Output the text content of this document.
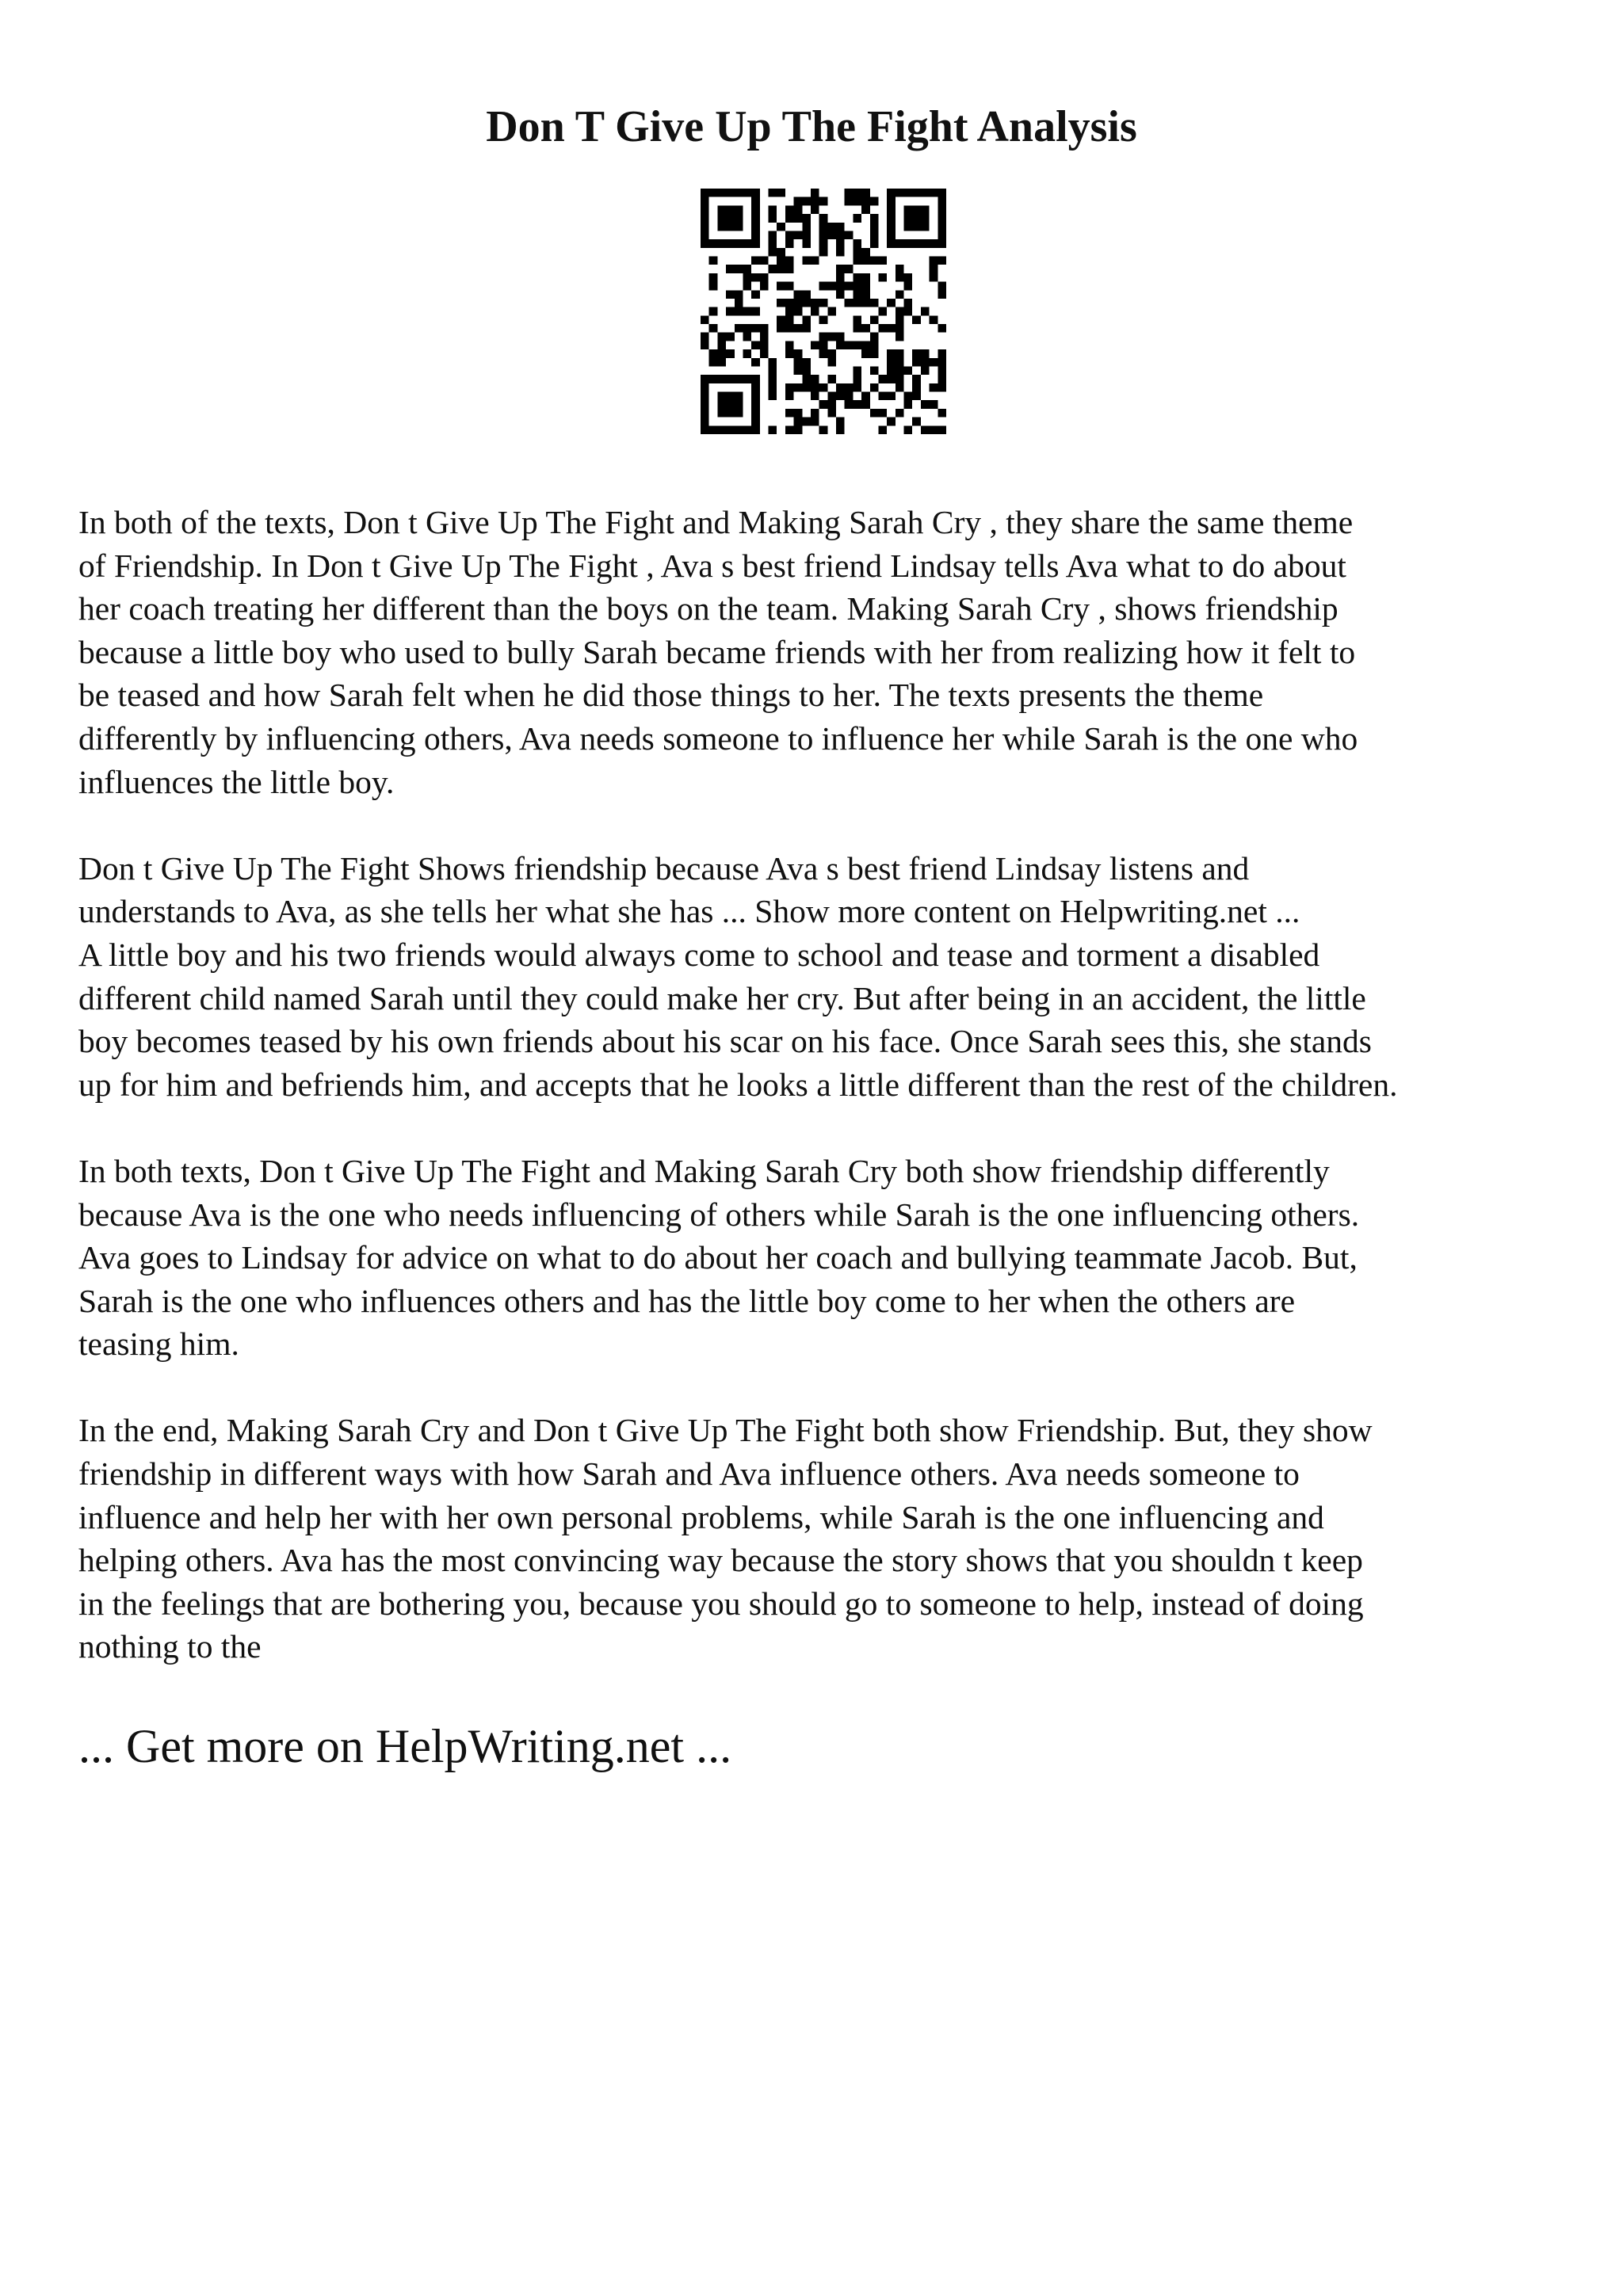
Don T Give Up The Fight Analysis

In both of the texts, Don t Give Up The Fight and Making Sarah Cry , they share the same theme
of Friendship. In Don t Give Up The Fight , Ava s best friend Lindsay tells Ava what to do about
her coach treating her different than the boys on the team. Making Sarah Cry , shows friendship
because a little boy who used to bully Sarah became friends with her from realizing how it felt to
be teased and how Sarah felt when he did those things to her. The texts presents the theme
differently by influencing others, Ava needs someone to influence her while Sarah is the one who
influences the little boy.

Don t Give Up The Fight Shows friendship because Ava s best friend Lindsay listens and
understands to Ava, as she tells her what she has ... Show more content on Helpwriting.net ...
A little boy and his two friends would always come to school and tease and torment a disabled
different child named Sarah until they could make her cry. But after being in an accident, the little
boy becomes teased by his own friends about his scar on his face. Once Sarah sees this, she stands
up for him and befriends him, and accepts that he looks a little different than the rest of the children.

In both texts, Don t Give Up The Fight and Making Sarah Cry both show friendship differently
because Ava is the one who needs influencing of others while Sarah is the one influencing others.
Ava goes to Lindsay for advice on what to do about her coach and bullying teammate Jacob. But,
Sarah is the one who influences others and has the little boy come to her when the others are
teasing him.

In the end, Making Sarah Cry and Don t Give Up The Fight both show Friendship. But, they show
friendship in different ways with how Sarah and Ava influence others. Ava needs someone to
influence and help her with her own personal problems, while Sarah is the one influencing and
helping others. Ava has the most convincing way because the story shows that you shouldn t keep
in the feelings that are bothering you, because you should go to someone to help, instead of doing
nothing to the

... Get more on HelpWriting.net ...
